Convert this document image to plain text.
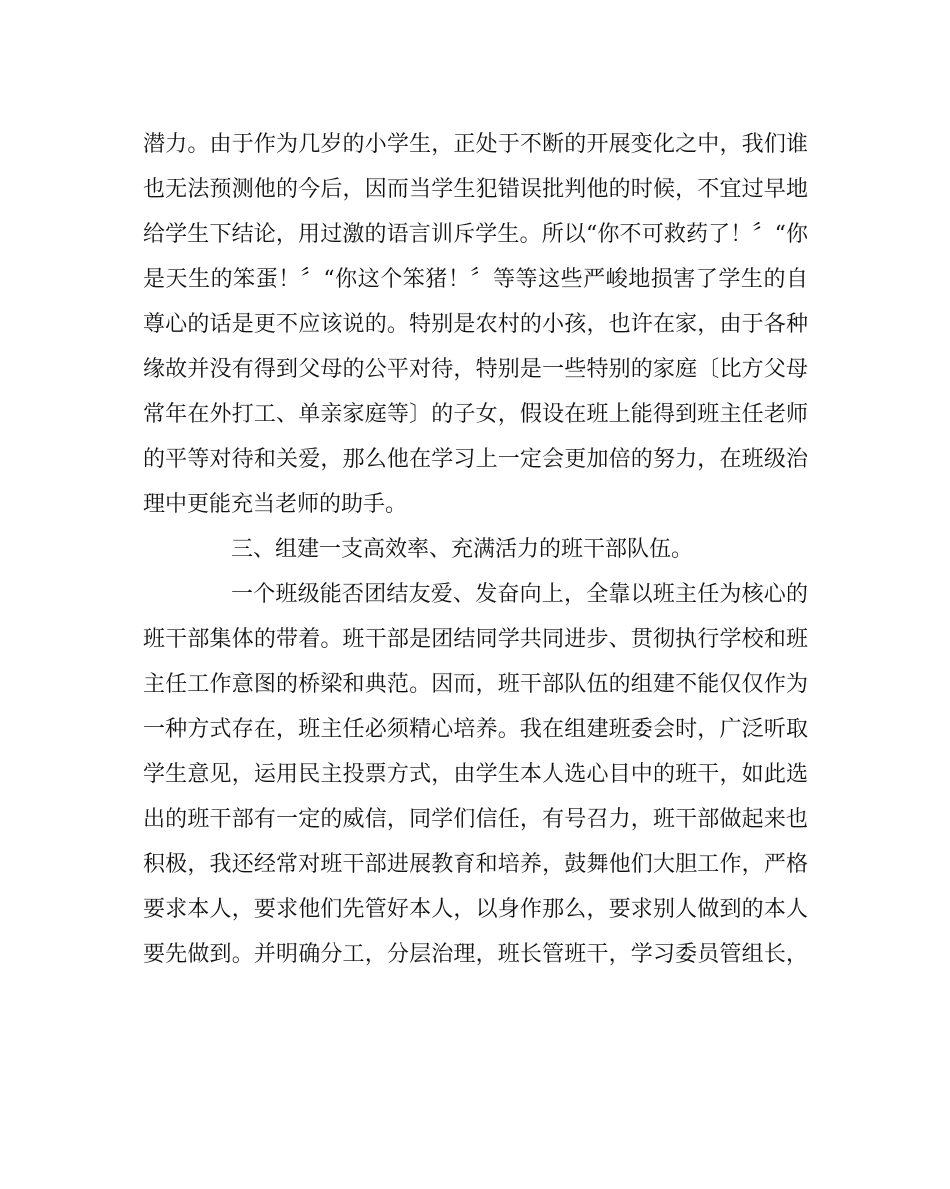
潜力。由于作为几岁的小学生，正处于不断的开展变化之中，我们谁
也无法预测他的今后，因而当学生犯错误批判他的时候，不宜过早地
给学生下结论，用过激的语言训斥学生。所以“你不可救药了！〞“你
是天生的笨蛋！〞“你这个笨猪！〞等等这些严峻地损害了学生的自
尊心的话是更不应该说的。特别是农村的小孩，也许在家，由于各种
缘故并没有得到父母的公平对待，特别是一些特别的家庭〔比方父母
常年在外打工、单亲家庭等〕的子女，假设在班上能得到班主任老师
的平等对待和关爱，那么他在学习上一定会更加倍的努力，在班级治
理中更能充当老师的助手。
三、组建一支高效率、充满活力的班干部队伍。
一个班级能否团结友爱、发奋向上，全靠以班主任为核心的
班干部集体的带着。班干部是团结同学共同进步、贯彻执行学校和班
主任工作意图的桥梁和典范。因而，班干部队伍的组建不能仅仅作为
一种方式存在，班主任必须精心培养。我在组建班委会时，广泛听取
学生意见，运用民主投票方式，由学生本人选心目中的班干，如此选
出的班干部有一定的威信，同学们信任，有号召力，班干部做起来也
积极，我还经常对班干部进展教育和培养，鼓舞他们大胆工作，严格
要求本人，要求他们先管好本人，以身作那么，要求别人做到的本人
要先做到。并明确分工，分层治理，班长管班干，学习委员管组长，
